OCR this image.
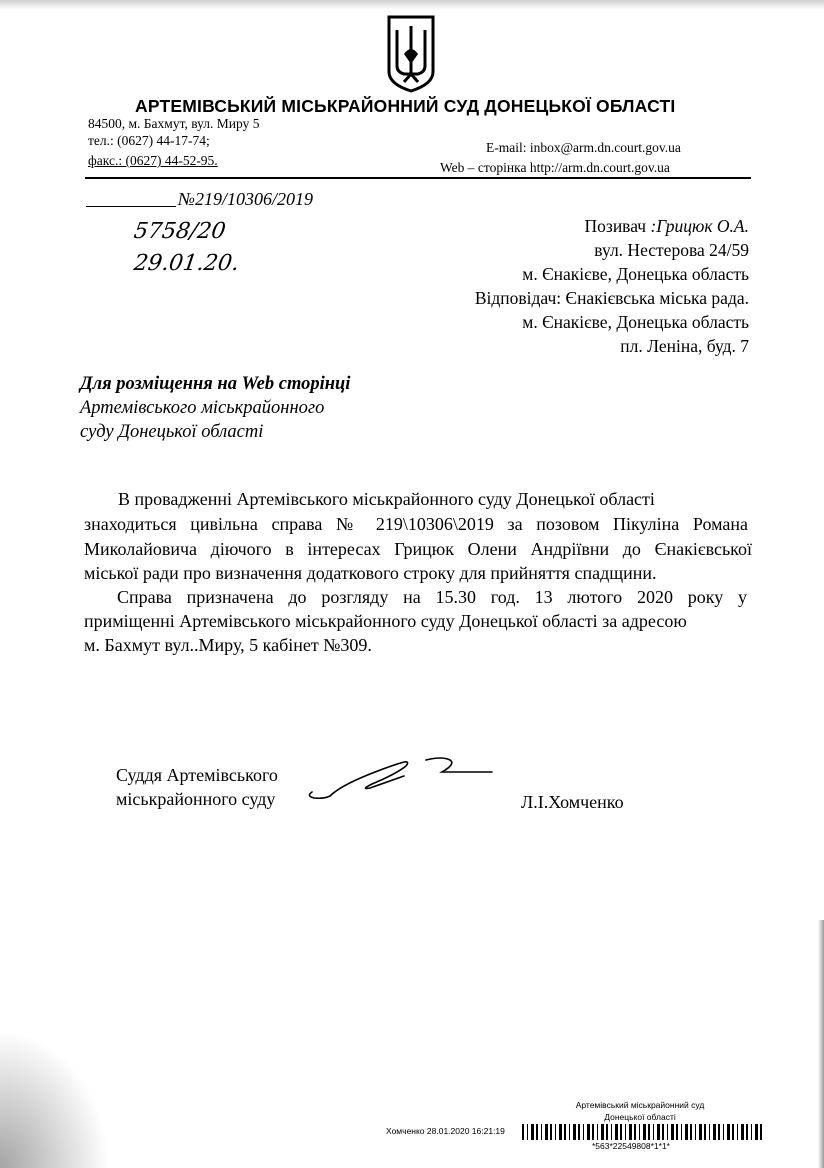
АРТЕМІВСЬКИЙ МІСЬКРАЙОННИЙ СУД ДОНЕЦЬКОЇ ОБЛАСТІ
84500, м. Бахмут, вул. Миру 5
тел.: (0627) 44-17-74;
факс.: (0627) 44-52-95.
E-mail: inbox@arm.dn.court.gov.ua
Web – сторінка http://arm.dn.court.gov.ua
№219/10306/2019
5758/20
29.01.20.
Позивач :Грицюк О.А.
вул. Нестерова 24/59
м. Єнакієве, Донецька область
Відповідач: Єнакієвська міська рада.
м. Єнакієве, Донецька область
пл. Леніна, буд. 7
Для розміщення на Web сторінці
Артемівського міськрайонного
суду Донецької області
В провадженні Артемівського міськрайонного суду Донецької області
знаходиться цивільна справа № 219\10306\2019 за позовом Пікуліна Романа
Миколайовича діючого в інтересах Грицюк Олени Андріївни до Єнакієвської
міської ради про визначення додаткового строку для прийняття спадщини.
Справа призначена до розгляду на 15.30 год. 13 лютого 2020 року у
приміщенні Артемівського міськрайонного суду Донецької області за адресою
м. Бахмут вул..Миру, 5 кабінет №309.
Суддя Артемівського
міськрайонного суду	Л.І.Хомченко
Артемівський міськрайонний суд
Донецької області
Хомченко 28.01.2020 16:21:19
*563*22549808*1*1*
